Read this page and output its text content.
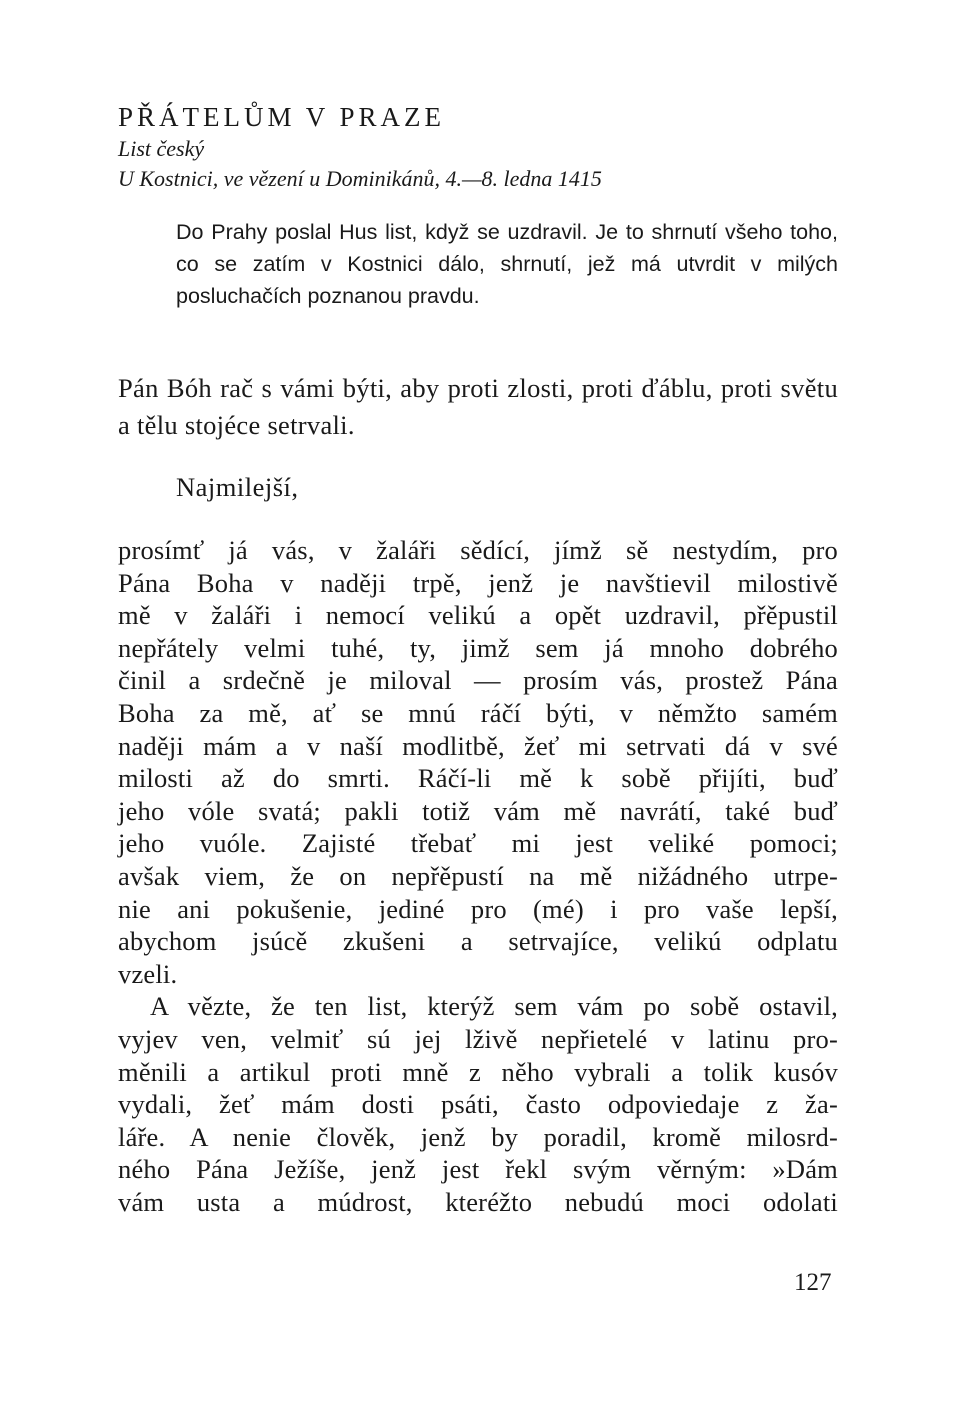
PŘÁTELŮM V PRAZE

List český

U Kostnici, ve vězení u Dominikánů, 4.—8. ledna 1415

Do Prahy poslal Hus list, když se uzdravil. Je to shrnutí všeho toho, co se zatím v Kostnici dálo, shrnutí, jež má utvrdit v milých posluchačích poznanou pravdu.
Pán Bóh rač s vámi býti, aby proti zlosti, proti ďáblu, proti světu a tělu stojéce setrvali.
Najmilejší,
prosímť já vás, v žaláři sědící, jímž sě nestydím, pro
Pána Boha v naději trpě, jenž je navštievil milostivě
mě v žaláři i nemocí velikú a opět uzdravil, přěpustil
nepřátely velmi tuhé, ty, jimž sem já mnoho dobrého
činil a srdečně je miloval — prosím vás, prostež Pána
Boha za mě, ať se mnú ráčí býti, v němžto samém
naději mám a v naší modlitbě, žeť mi setrvati dá v své
milosti až do smrti. Ráčí-li mě k sobě přijíti, buď
jeho vóle svatá; pakli totiž vám mě navrátí, také buď
jeho vuóle. Zajisté třebať mi jest veliké pomoci;
avšak viem, že on nepřěpustí na mě nižádného utrpe-
nie ani pokušenie, jediné pro (mé) i pro vaše lepší,
abychom jsúcě zkušeni a setrvajíce, velikú odplatu
vzeli.
A vězte, že ten list, kterýž sem vám po sobě ostavil,
vyjev ven, velmiť sú jej lživě nepřietelé v latinu pro-
měnili a artikul proti mně z něho vybrali a tolik kusóv
vydali, žeť mám dosti psáti, často odpoviedaje z ža-
láře. A nenie člověk, jenž by poradil, kromě milosrd-
ného Pána Ježíše, jenž jest řekl svým věrným: »Dám
vám usta a múdrost, kteréžto nebudú moci odolati
127
